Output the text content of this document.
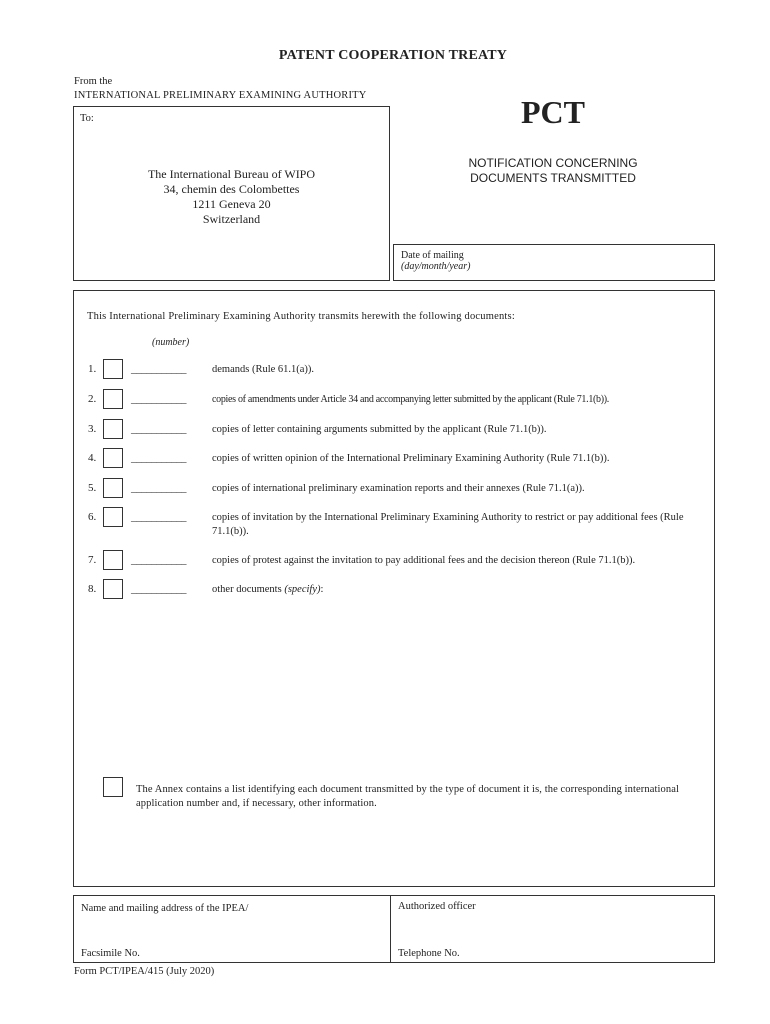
PATENT COOPERATION TREATY
From the
INTERNATIONAL PRELIMINARY EXAMINING AUTHORITY
To:
The International Bureau of WIPO
34, chemin des Colombettes
1211 Geneva 20
Switzerland
PCT
NOTIFICATION CONCERNING
DOCUMENTS TRANSMITTED
Date of mailing
(day/month/year)
This International Preliminary Examining Authority transmits herewith the following documents:
(number)
1.	___________ demands (Rule 61.1(a)).
2.	___________	copies of amendments under Article 34 and accompanying letter submitted by the applicant (Rule 71.1(b)).
3.	___________ copies of letter containing arguments submitted by the applicant (Rule 71.1(b)).
4.	___________ copies of written opinion of the International Preliminary Examining Authority (Rule 71.1(b)).
5.	___________ copies of international preliminary examination reports and their annexes (Rule 71.1(a)).
6.	___________ copies of invitation by the International Preliminary Examining Authority to restrict or pay additional fees (Rule 71.1(b)).
7.	___________ copies of protest against the invitation to pay additional fees and the decision thereon (Rule 71.1(b)).
8.	___________ other documents (specify):
The Annex contains a list identifying each document transmitted by the type of document it is, the corresponding international application number and, if necessary, other information.
Name and mailing address of the IPEA/
Facsimile No.
Authorized officer
Telephone No.
Form PCT/IPEA/415 (July 2020)
